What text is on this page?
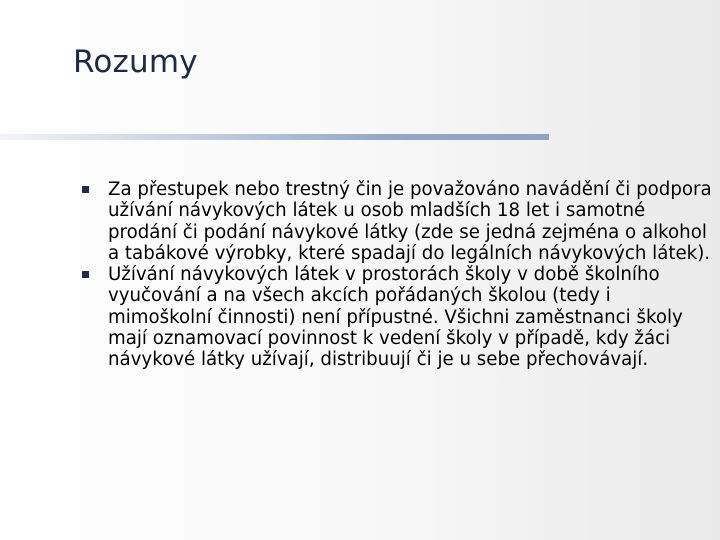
Rozumy
Za přestupek nebo trestný čin je považováno navádění či podpora užívání návykových látek u osob mladších 18 let i samotné prodání či podání návykové látky (zde se jedná zejména o alkohol a tabákové výrobky, které spadají do legálních návykových látek).
Užívání návykových látek v prostorách školy v době školního vyučování a na všech akcích pořádaných školou (tedy i mimoškolní činnosti) není přípustné. Všichni zaměstnanci školy mají oznamovací povinnost k vedení školy v případě, kdy žáci návykové látky užívají, distribuují či je u sebe přechovávají.
